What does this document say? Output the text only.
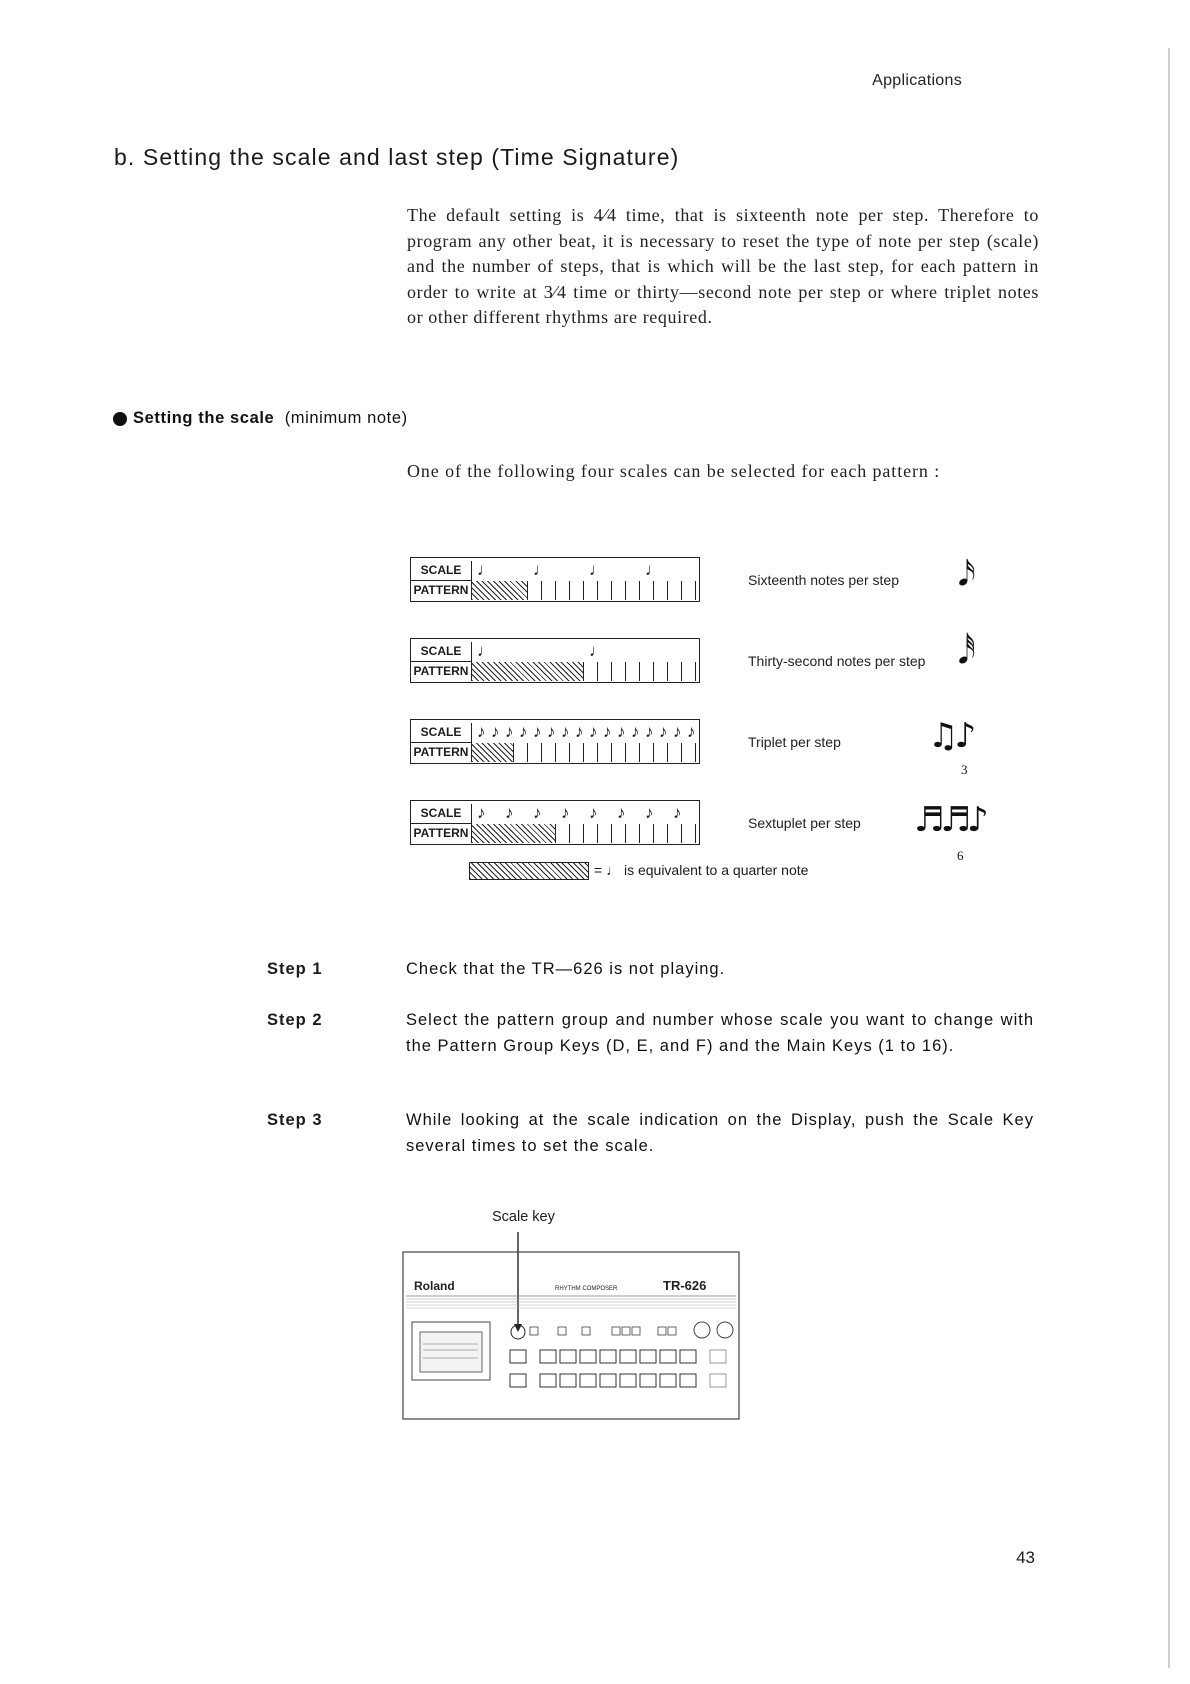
Applications
b. Setting the scale and last step (Time Signature)
The default setting is 4⁄4 time, that is sixteenth note per step. Therefore to program any other beat, it is necessary to reset the type of note per step (scale) and the number of steps, that is which will be the last step, for each pattern in order to write at 3⁄4 time or thirty—second note per step or where triplet notes or other different rhythms are required.
Setting the scale
(minimum note)
One of the following four scales can be selected for each pattern :
SCALE
PATTERN
♩ ♩ ♩ ♩
Sixteenth notes per step
SCALE
PATTERN
♩	♩
Thirty-second notes per step
SCALE
PATTERN
♪ ♪ ♪ ♪ ♪ ♪ ♪ ♪ ♪ ♪ ♪ ♪ ♪ ♪ ♪ ♪
Triplet per step
SCALE
PATTERN
♪ ♪ ♪ ♪ ♪ ♪ ♪ ♪
Sextuplet per step
𝅘𝅥𝅯
𝅘𝅥𝅰
♫♪
3
♬♬♪
6
= ♩ is equivalent to a quarter note
Step 1	Check that the TR—626 is not playing.
Step 2	Select the pattern group and number whose scale you want to change with the Pattern Group Keys (D, E, and F) and the Main Keys (1 to 16).
Step 3	While looking at the scale indication on the Display, push the Scale Key several times to set the scale.
Scale key
Roland	RHYTHM COMPOSER	TR-626
43
